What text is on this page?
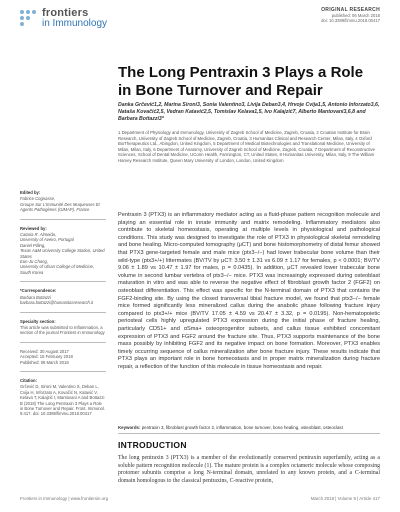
frontiers
in Immunology
ORIGINAL RESEARCH
published: 06 March 2018
doi: 10.3389/fimmu.2018.00417
The Long Pentraxin 3 Plays a Role in Bone Turnover and Repair
Danka Grčević1,2, Marina Sironi3, Sonia Valentino3, Livija Deban3,4, Hrvoje Cvija1,5, Antonio Inforzato3,6, Nataša Kovačić2,5, Vedran Katavić2,5, Tomislav Kelava1,5, Ivo Kalajzić7, Alberto Mantovani3,6,8 and Barbara Bottazzi3*
1 Department of Physiology and Immunology, University of Zagreb School of Medicine, Zagreb, Croatia, 2 Croatian Institute for Brain Research, University of Zagreb School of Medicine, Zagreb, Croatia, 3 Humanitas Clinical and Research Center, Milan, Italy, 4 Oxford BioTherapeutics Ltd., Abingdon, United Kingdom, 5 Department of Medical Biotechnologies and Translational Medicine, University of Milan, Milan, Italy, 6 Department of Anatomy, University of Zagreb School of Medicine, Zagreb, Croatia, 7 Department of Reconstructive Sciences, School of Dental Medicine, UConn Health, Farmington, CT, United States, 8 Humanitas University, Milan, Italy, 9 The William Harvey Research Institute, Queen Mary University of London, London, United Kingdom
Edited by:
Fabrice Cognasse,
Groupe Sur L'Immunité Des Muqueuses Et Agents Pathogènes (GIMAP), France
Reviewed by:
Cataria R. Almeida,
University of Aveiro, Portugal
Daniel Pilling,
Texas A&M University College Station, United States
Eun-Ju Chang,
University of Ulsan College of Medicine, South Korea
*Correspondence:
Barbara Bottazzi
barbara.bottazzi@humanitasresearch.it
Specialty section:
This article was submitted to Inflammation, a section of the journal Frontiers in Immunology
Received: 30 August 2017
Accepted: 15 February 2018
Published: 06 March 2018
Citation:
Grčević D, Sironi M, Valentino S, Deban L, Cvija H, Inforzato A, Kovačić N, Katavić V, Kelava T, Kalajzić I, Mantovani A and Bottazzi B (2018) The Long Pentraxin 3 Plays a Role in Bone Turnover and Repair. Front. Immunol. 9:417. doi: 10.3389/fimmu.2018.00417
Pentraxin 3 (PTX3) is an inflammatory mediator acting as a fluid-phase pattern recognition molecule and playing an essential role in innate immunity and matrix remodeling. Inflammatory mediators also contribute to skeletal homeostasis, operating at multiple levels in physiological and pathological conditions. This study was designed to investigate the role of PTX3 in physiological skeletal remodeling and bone healing. Micro-computed tomography (μCT) and bone histomorphometry of distal femur showed that PTX3 gene-targeted female and male mice (ptx3−/−) had lower trabecular bone volume than their wild-type (ptx3+/+) littermates (BV/TV by μCT: 3.50 ± 1.31 vs 6.09 ± 1.17 for females, p < 0.0001; BV/TV 9.06 ± 1.89 vs 10.47 ± 1.97 for males, p = 0.0435). In addition, μCT revealed lower trabecular bone volume in second lumbar vertebra of ptx3−/− mice. PTX3 was increasingly expressed during osteoblast maturation in vitro and was able to reverse the negative effect of fibroblast growth factor 2 (FGF2) on osteoblast differentiation. This effect was specific for the N-terminal domain of PTX3 that contains the FGF2-binding site. By using the closed transversal tibial fracture model, we found that ptx3−/− female mice formed significantly less mineralized callus during the anabolic phase following fracture injury compared to ptx3+/+ mice (BV/TV 17.05 ± 4.59 vs 20.47 ± 3.32, p = 0.0195). Non-hematopoietic periosteal cells highly upregulated PTX3 expression during the initial phase of fracture healing, particularly CD51+ and αSma+ osteoprogenitor subsets, and callus tissue exhibited concomitant expression of PTX3 and FGF2 around the fracture site. Thus, PTX3 supports maintenance of the bone mass possibly by inhibiting FGF2 and its negative impact on bone formation. Moreover, PTX3 enables timely occurring sequence of callus mineralization after bone fracture injury. These results indicate that PTX3 plays an important role in bone homeostasis and in proper matrix mineralization during fracture repair, a reflection of the function of this molecule in tissue homeostasis and repair.
Keywords: pentraxin 3, fibroblast growth factor 2, inflammation, bone turnover, bone healing, osteoblast, osteoclast
INTRODUCTION
The long pentraxin 3 (PTX3) is a member of the evolutionarily conserved pentraxin superfamily, acting as a soluble pattern recognition molecule (1). The mature protein is a complex octameric molecule whose composing protomer subunits comprise a long N-terminal domain, unrelated to any known protein, and a C-terminal domain homologous to the classical pentraxins, C-reactive protein,
Frontiers in Immunology | www.frontiersin.org	March 2018 | Volume 9 | Article 417
